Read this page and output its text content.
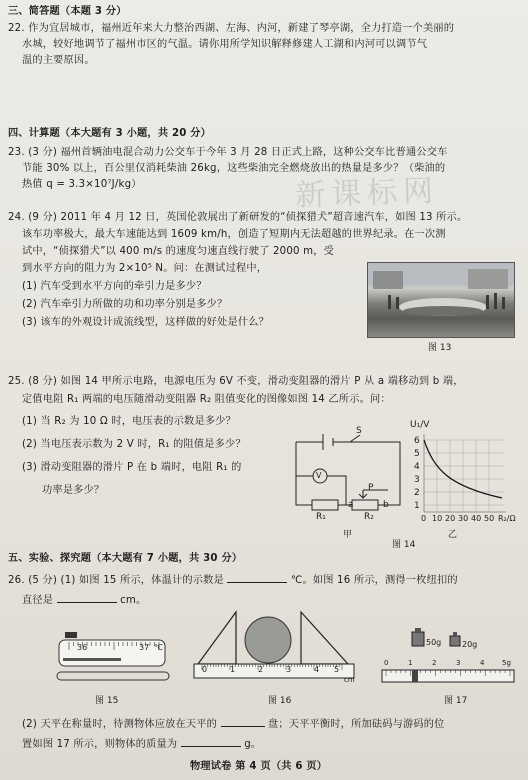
新课标网
三、简答题（本题 3 分）
22. 作为宜居城市，福州近年来大力整治西湖、左海、内河，新建了琴亭湖，全力打造一个美丽的
水城，较好地调节了福州市区的气温。请你用所学知识解释修建人工湖和内河可以调节气
温的主要原因。
四、计算题（本大题有 3 小题，共 20 分）
23. (3 分) 福州首辆油电混合动力公交车于今年 3 月 28 日正式上路，这种公交车比普通公交车
节能 30% 以上，百公里仅消耗柴油 26kg，这些柴油完全燃烧放出的热量是多少？（柴油的
热值 q = 3.3×10⁷J/kg）
24. (9 分) 2011 年 4 月 12 日，英国伦敦展出了新研发的“侦探猎犬”超音速汽车，如图 13 所示。
该车功率极大，最大车速能达到 1609 km/h，创造了短期内无法超越的世界纪录。在一次测
试中，“侦探猎犬”以 400 m/s 的速度匀速直线行驶了 2000 m，受
到水平方向的阻力为 2×10⁵ N。问：在测试过程中，
(1) 汽车受到水平方向的牵引力是多少？
(2) 汽车牵引力所做的功和功率分别是多少？
(3) 该车的外观设计成流线型，这样做的好处是什么？
图 13
25. (8 分) 如图 14 甲所示电路，电源电压为 6V 不变，滑动变阻器的滑片 P 从 a 端移动到 b 端，
定值电阻 R₁ 两端的电压随滑动变阻器 R₂ 阻值变化的图像如图 14 乙所示。问：
(1) 当 R₂ 为 10 Ω 时，电压表的示数是多少？
(2) 当电压表示数为 2 V 时，R₁ 的阻值是多少？
(3) 滑动变阻器的滑片 P 在 b 端时，电阻 R₁ 的
功率是多少？
V
S
R₁	R₂
P
a	b
甲
U₁/V
6
5
4
3
2
1
0 10 20 30 40 50 R₂/Ω
乙
图 14
五、实验、探究题（本大题有 7 小题，共 30 分）
26. (5 分) (1) 如图 15 所示，体温计的示数是	℃。如图 16 所示，测得一枚纽扣的
直径是	cm。
36	37 ℃
图 15
0	1	2	3	4 5
cm
图 16
50g	20g
0	1	2	3	4	5g
图 17
(2) 天平在称量时，待测物体应放在天平的	盘；天平平衡时，所加砝码与游码的位
置如图 17 所示，则物体的质量为	g。
物理试卷 第 4 页（共 6 页）
